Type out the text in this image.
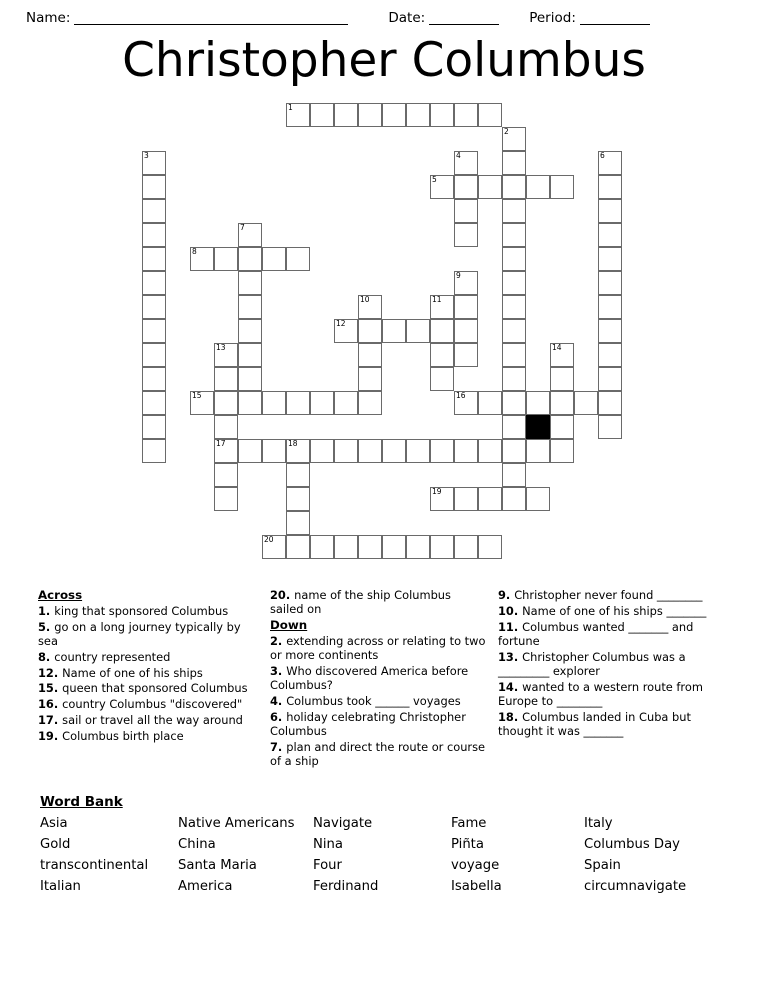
Name:	Date:	Period:
Christopher Columbus
1
2
3	4	6
5
7
8
9
10	11
12
13	14
15	16
17	18
19
20
Across
1. king that sponsored Columbus
5. go on a long journey typically by sea
8. country represented
12. Name of one of his ships
15. queen that sponsored Columbus
16. country Columbus "discovered"
17. sail or travel all the way around
19. Columbus birth place
20. name of the ship Columbus sailed on
Down
2. extending across or relating to two or more continents
3. Who discovered America before Columbus?
4. Columbus took ______ voyages
6. holiday celebrating Christopher Columbus
7. plan and direct the route or course of a ship
9. Christopher never found ________
10. Name of one of his ships _______
11. Columbus wanted _______ and fortune
13. Christopher Columbus was a _________ explorer
14. wanted to a western route from Europe to ________
18. Columbus landed in Cuba but thought it was _______
Word Bank
Asia	Native Americans	Navigate	Fame	Italy
Gold	China	Nina	Piñta	Columbus Day
transcontinental	Santa Maria	Four	voyage	Spain
Italian	America	Ferdinand	Isabella	circumnavigate
